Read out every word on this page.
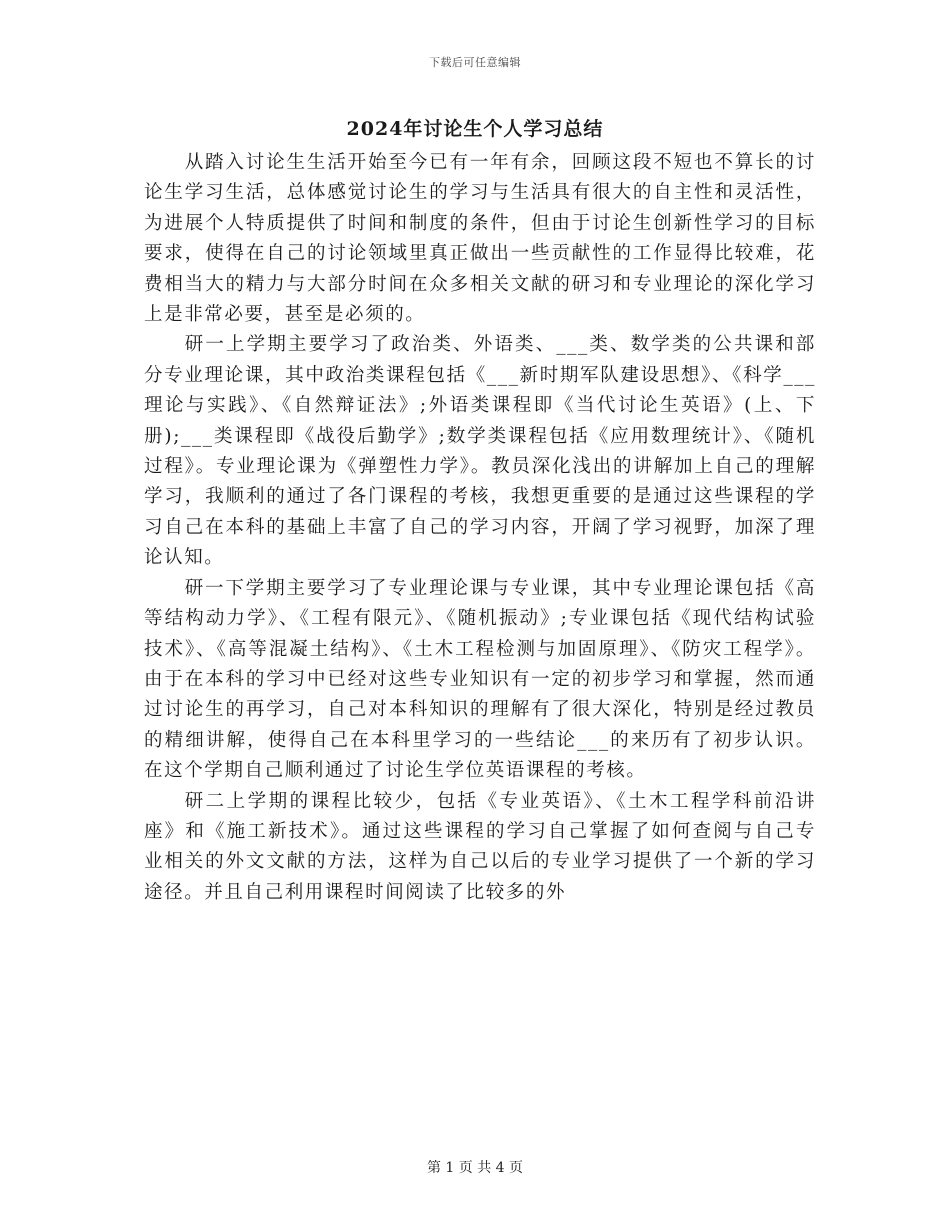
下载后可任意编辑
2024年讨论生个人学习总结

从踏入讨论生生活开始至今已有一年有余，回顾这段不短也不算长的讨论生学习生活，总体感觉讨论生的学习与生活具有很大的自主性和灵活性，为进展个人特质提供了时间和制度的条件，但由于讨论生创新性学习的目标要求，使得在自己的讨论领域里真正做出一些贡献性的工作显得比较难，花费相当大的精力与大部分时间在众多相关文献的研习和专业理论的深化学习上是非常必要，甚至是必须的。

研一上学期主要学习了政治类、外语类、___类、数学类的公共课和部分专业理论课，其中政治类课程包括《___新时期军队建设思想》、《科学___理论与实践》、《自然辩证法》;外语类课程即《当代讨论生英语》(上、下册);___类课程即《战役后勤学》;数学类课程包括《应用数理统计》、《随机过程》。专业理论课为《弹塑性力学》。教员深化浅出的讲解加上自己的理解学习，我顺利的通过了各门课程的考核，我想更重要的是通过这些课程的学习自己在本科的基础上丰富了自己的学习内容，开阔了学习视野，加深了理论认知。

研一下学期主要学习了专业理论课与专业课，其中专业理论课包括《高等结构动力学》、《工程有限元》、《随机振动》;专业课包括《现代结构试验技术》、《高等混凝土结构》、《土木工程检测与加固原理》、《防灾工程学》。由于在本科的学习中已经对这些专业知识有一定的初步学习和掌握，然而通过讨论生的再学习，自己对本科知识的理解有了很大深化，特别是经过教员的精细讲解，使得自己在本科里学习的一些结论___的来历有了初步认识。在这个学期自己顺利通过了讨论生学位英语课程的考核。

研二上学期的课程比较少，包括《专业英语》、《土木工程学科前沿讲座》和《施工新技术》。通过这些课程的学习自己掌握了如何查阅与自己专业相关的外文文献的方法，这样为自己以后的专业学习提供了一个新的学习途径。并且自己利用课程时间阅读了比较多的外

第 1 页 共 4 页
